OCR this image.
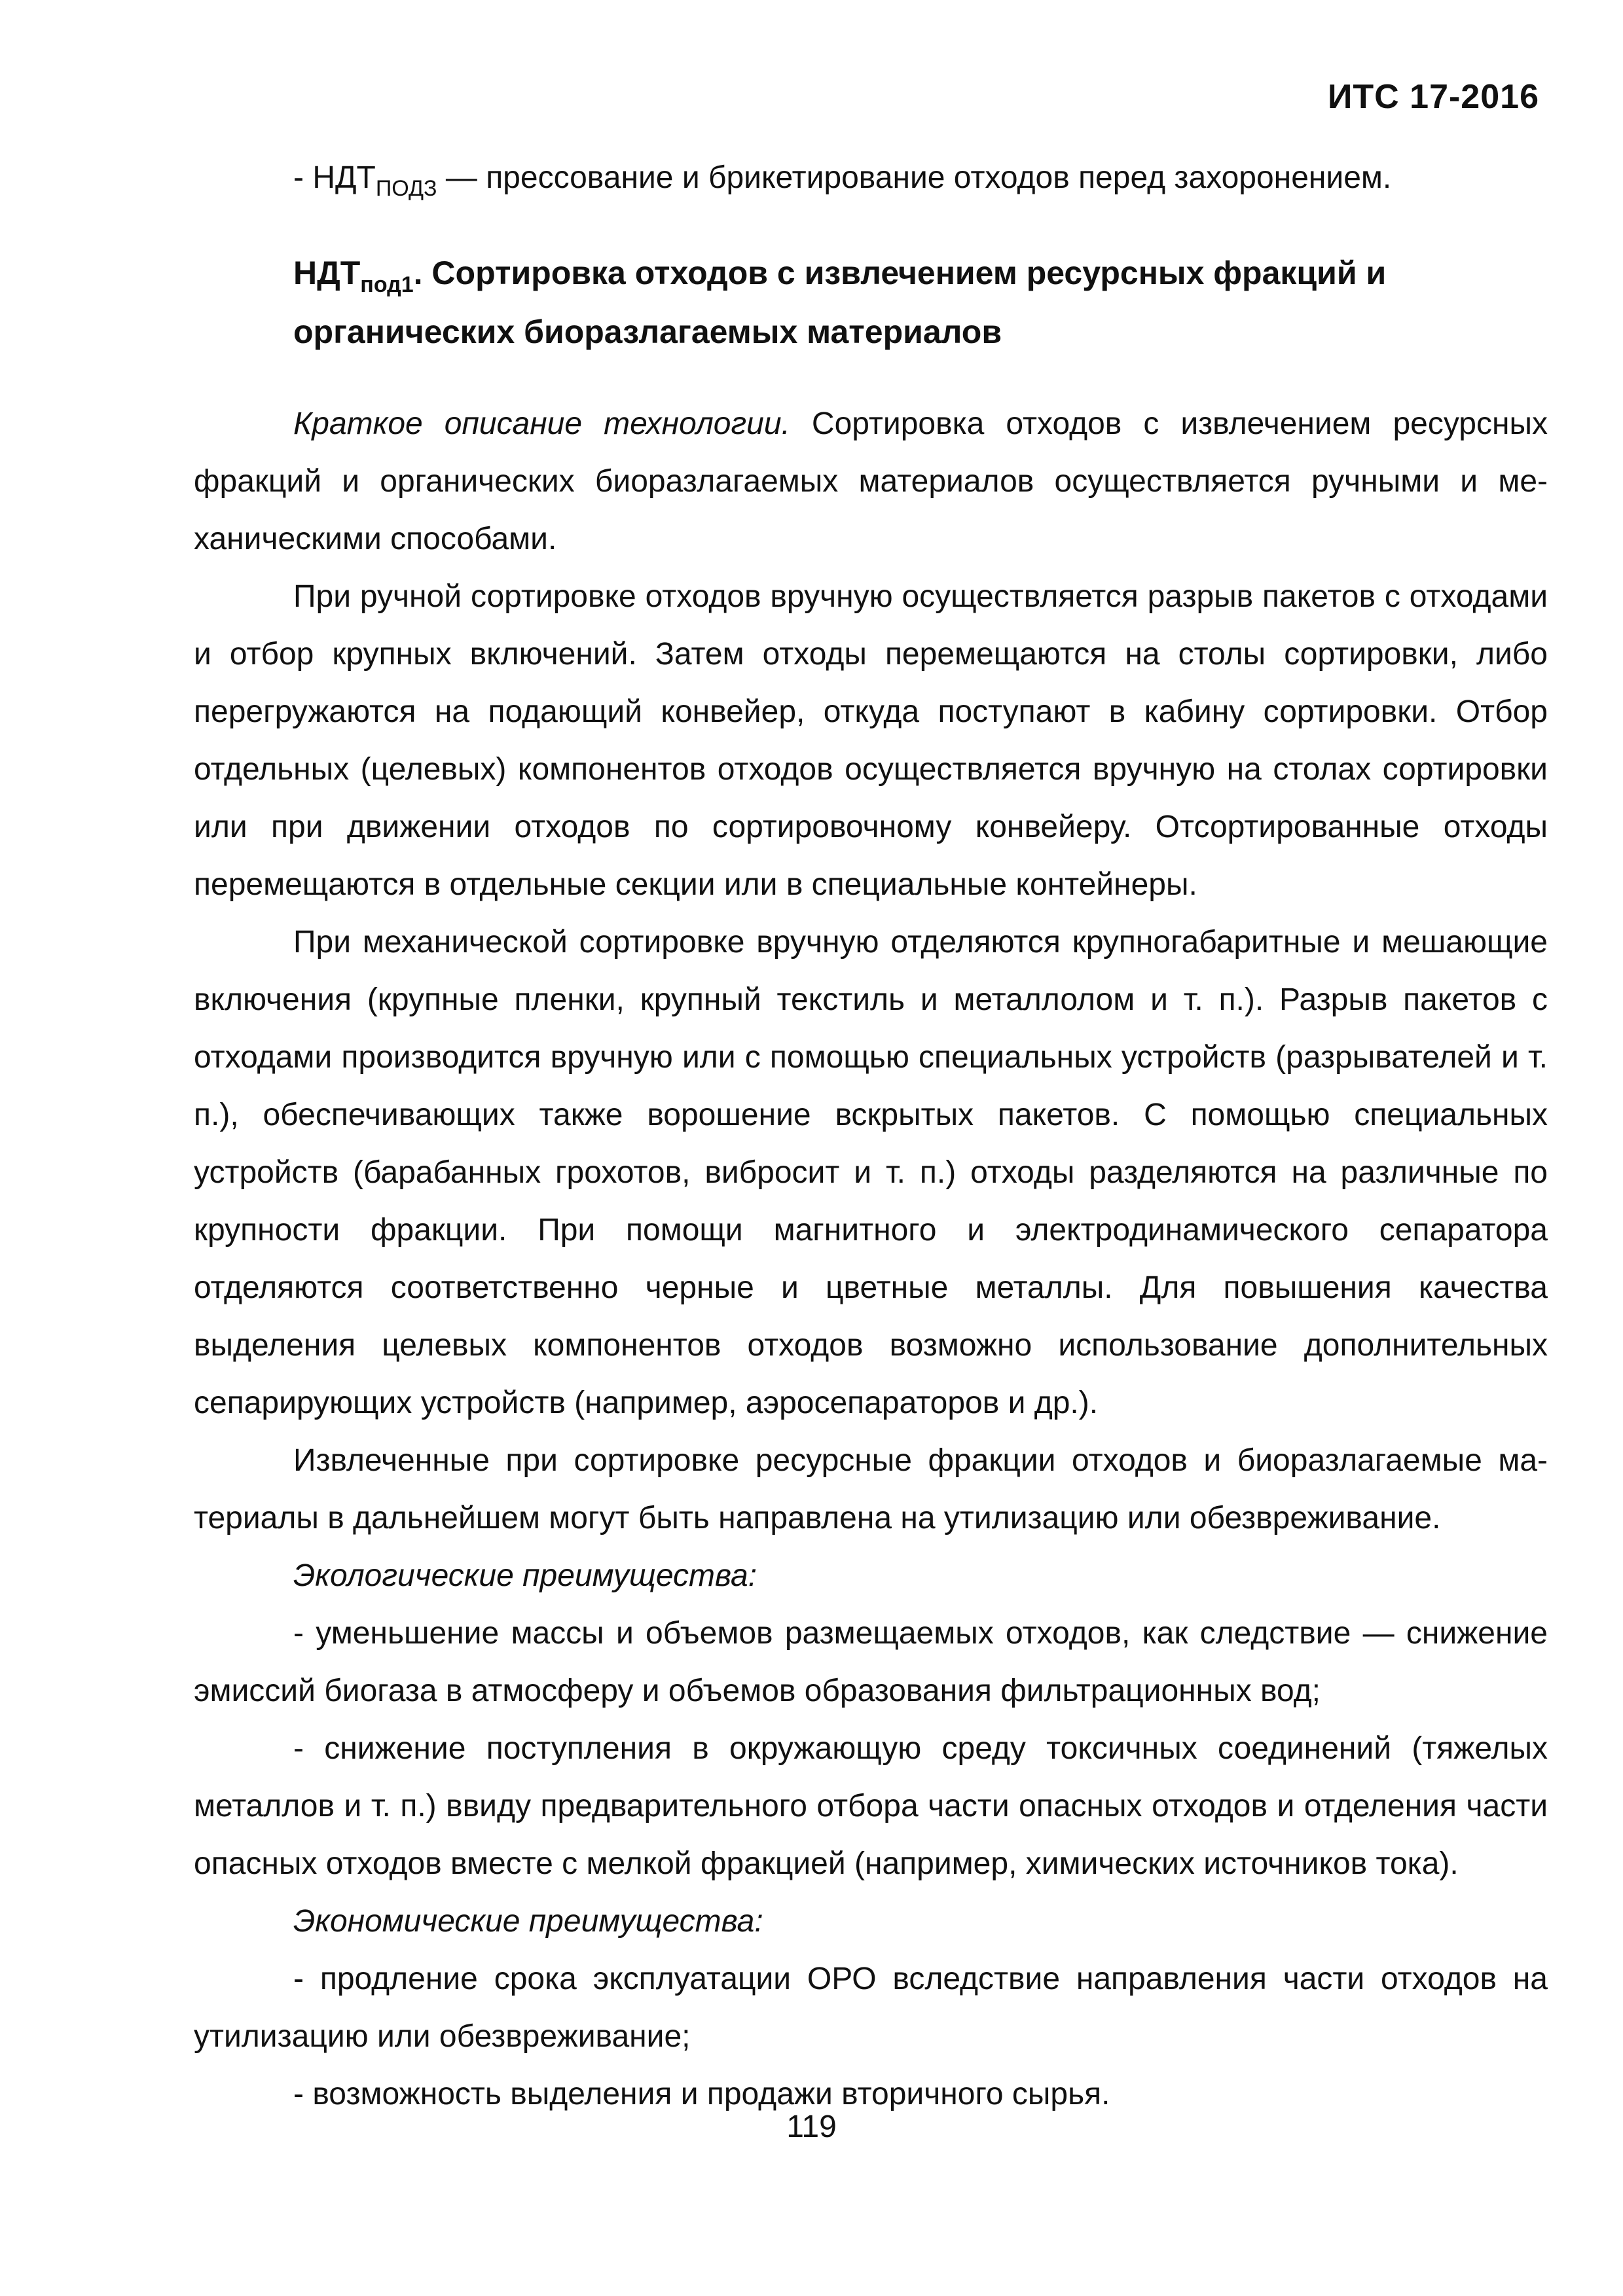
ИТС 17-2016

- $НДТ_{ПОДЗ}$ — прессование и брикетирование отходов перед захоронением.

$НДТ_{под1}$. Сортировка отходов с извлечением ресурсных фракций и органических биоразлагаемых материалов

Краткое описание технологии. Сортировка отходов с извлечением ресурсных фракций и органических биоразлагаемых материалов осуществляется ручными и механическими способами.

При ручной сортировке отходов вручную осуществляется разрыв пакетов с отходами и отбор крупных включений. Затем отходы перемещаются на столы сортировки, либо перегружаются на подающий конвейер, откуда поступают в кабину сортировки. Отбор отдельных (целевых) компонентов отходов осуществляется вручную на столах сортировки или при движении отходов по сортировочному конвейеру. Отсортированные отходы перемещаются в отдельные секции или в специальные контейнеры.

При механической сортировке вручную отделяются крупногабаритные и мешающие включения (крупные пленки, крупный текстиль и металлолом и т. п.). Разрыв пакетов с отходами производится вручную или с помощью специальных устройств (разрывателей и т. п.), обеспечивающих также ворошение вскрытых пакетов. С помощью специальных устройств (барабанных грохотов, вибросит и т. п.) отходы разделяются на различные по крупности фракции. При помощи магнитного и электродинамического сепаратора отделяются соответственно черные и цветные металлы. Для повышения качества выделения целевых компонентов отходов возможно использование дополнительных сепарирующих устройств (например, аэросепараторов и др.).

Извлеченные при сортировке ресурсные фракции отходов и биоразлагаемые материалы в дальнейшем могут быть направлена на утилизацию или обезвреживание.

Экологические преимущества:

- уменьшение массы и объемов размещаемых отходов, как следствие — снижение эмиссий биогаза в атмосферу и объемов образования фильтрационных вод;

- снижение поступления в окружающую среду токсичных соединений (тяжелых металлов и т. п.) ввиду предварительного отбора части опасных отходов и отделения части опасных отходов вместе с мелкой фракцией (например, химических источников тока).

Экономические преимущества:

- продление срока эксплуатации ОРО вследствие направления части отходов на утилизацию или обезвреживание;

- возможность выделения и продажи вторичного сырья.

119
